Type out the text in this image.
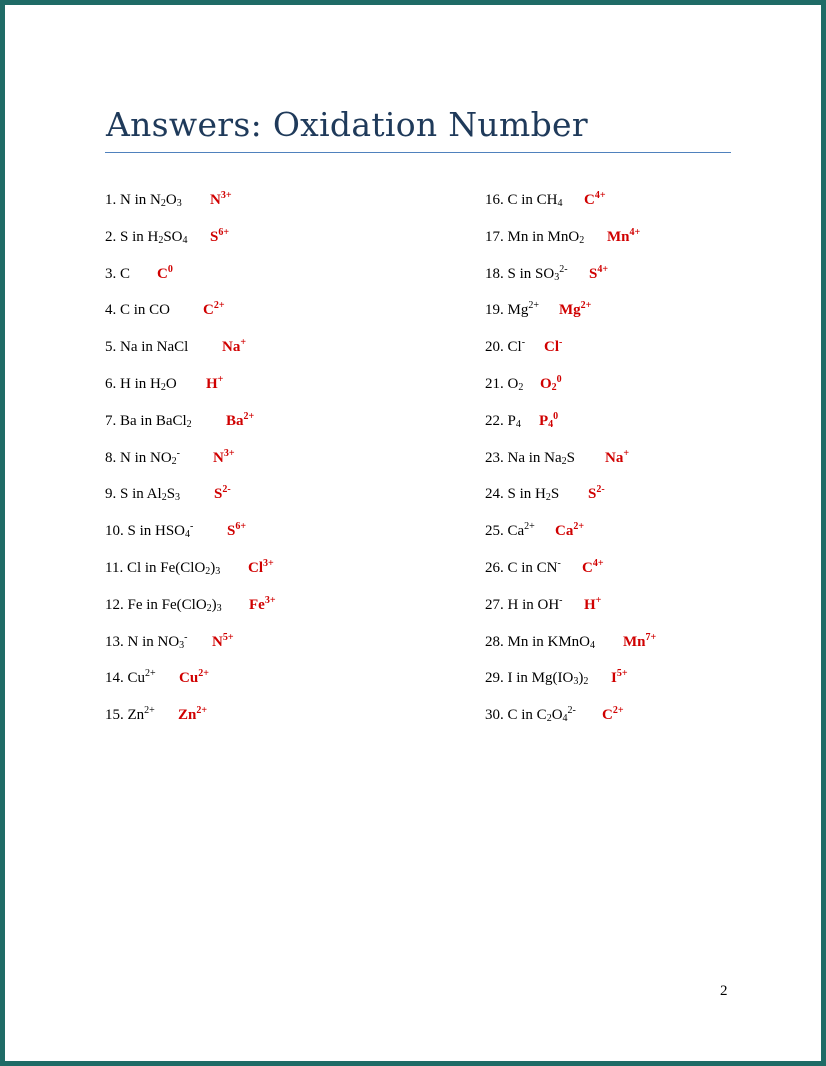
Answers: Oxidation Number
1. N in $N_2O_3$ $N^{3+}$
2. S in $H_2SO_4$ $S^{6+}$
3. C $C^0$
4. C in CO $C^{2+}$
5. Na in NaCl Na+
6. H in $H_2O$ H+
7. Ba in BaCl$_2$ $Ba^{2+}$
8. N in $NO_2^-$ $N^{3+}$
9. S in $Al_2S_3$ $S^{2-}$
10. S in $HSO_4^-$ $S^{6+}$
11. Cl in $Fe(ClO_2)_3$ $Cl^{3+}$
12. Fe in $Fe(ClO_2)_3$ $Fe^{3+}$
13. N in $NO_3^-$ $N^{5+}$
14. $Cu^{2+}$ $Cu^{2+}$
15. $Zn^{2+}$ $Zn^{2+}$
16. C in $CH_4$ $C^{4+}$
17. Mn in MnO$_2$ $Mn^{4+}$
18. S in $SO_3^{2-}$ $S^{4+}$
19. $Mg^{2+}$ $Mg^{2+}$
20. Cl- Cl-
21. $O_2$ $O_2^0$
22. $P_4$ $P_4^0$
23. Na in $Na_2S$ Na+
24. S in $H_2S$ $S^{2-}$
25. $Ca^{2+}$ $Ca^{2+}$
26. C in CN- $C^{4+}$
27. H in OH- H+
28. Mn in KMnO$_4$ $Mn^{7+}$
29. I in $Mg(IO_3)_2$ $I^{5+}$
30. C in $C_2O_4^{2-}$ $C^{2+}$
2
